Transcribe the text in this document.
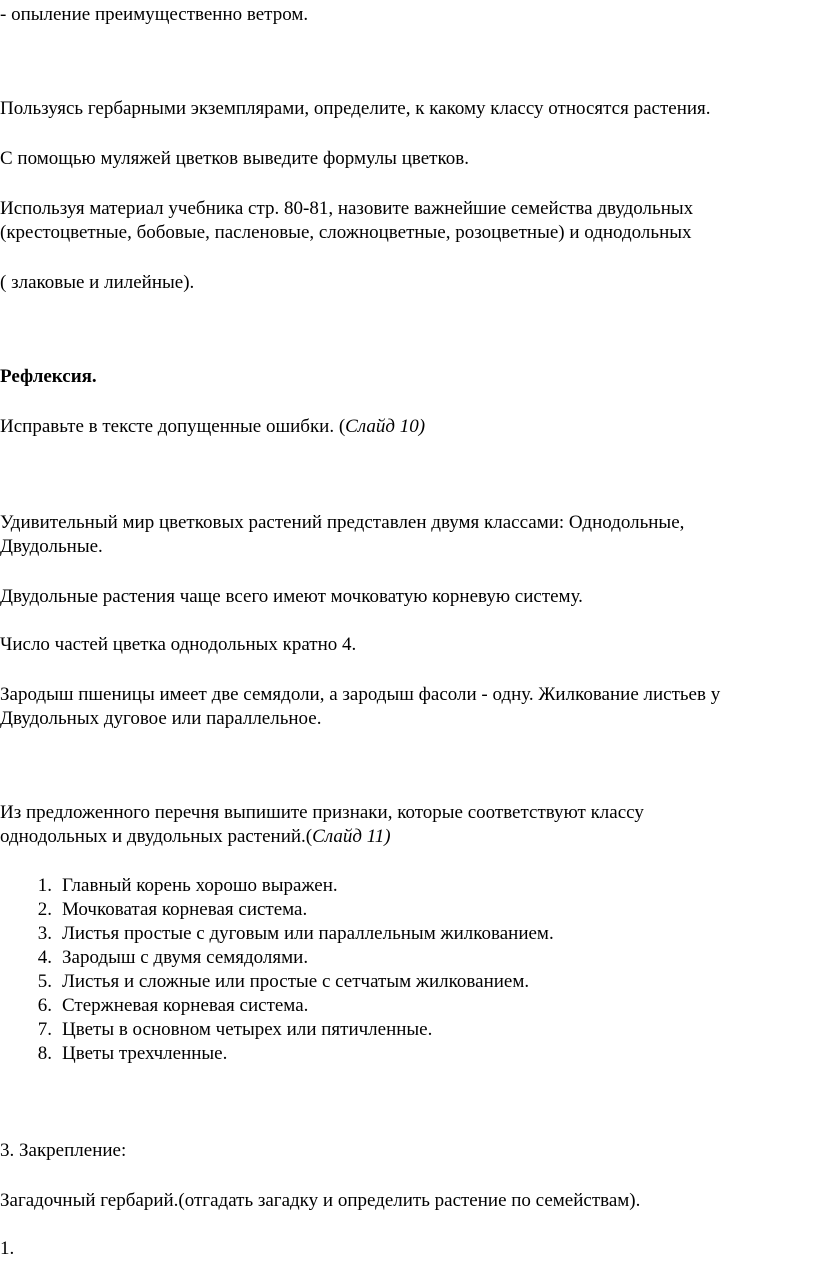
- опыление преимущественно ветром.

Пользуясь гербарными экземплярами, определите, к какому классу относятся растения.

С помощью муляжей цветков выведите формулы цветков.

Используя материал учебника стр. 80-81, назовите важнейшие семейства двудольных

(крестоцветные, бобовые, пасленовые, сложноцветные, розоцветные) и однодольных

( злаковые и лилейные).

Рефлексия.

Исправьте в тексте допущенные ошибки. (Слайд 10)

Удивительный мир цветковых растений представлен двумя классами: Однодольные,

Двудольные.

Двудольные растения чаще всего имеют мочковатую корневую систему.

Число частей цветка однодольных кратно 4.

Зародыш пшеницы имеет две семядоли, а зародыш фасоли - одну. Жилкование листьев у

Двудольных дуговое или параллельное.

Из предложенного перечня выпишите признаки, которые соответствуют классу

однодольных и двудольных растений.(Слайд 11)

1. Главный корень хорошо выражен.
2. Мочковатая корневая система.
3. Листья простые с дуговым или параллельным жилкованием.
4. Зародыш с двумя семядолями.
5. Листья и сложные или простые с сетчатым жилкованием.
6. Стержневая корневая система.
7. Цветы в основном четырех или пятичленные.
8. Цветы трехчленные.

3. Закрепление:

Загадочный гербарий.(отгадать загадку и определить растение по семействам).

1.
